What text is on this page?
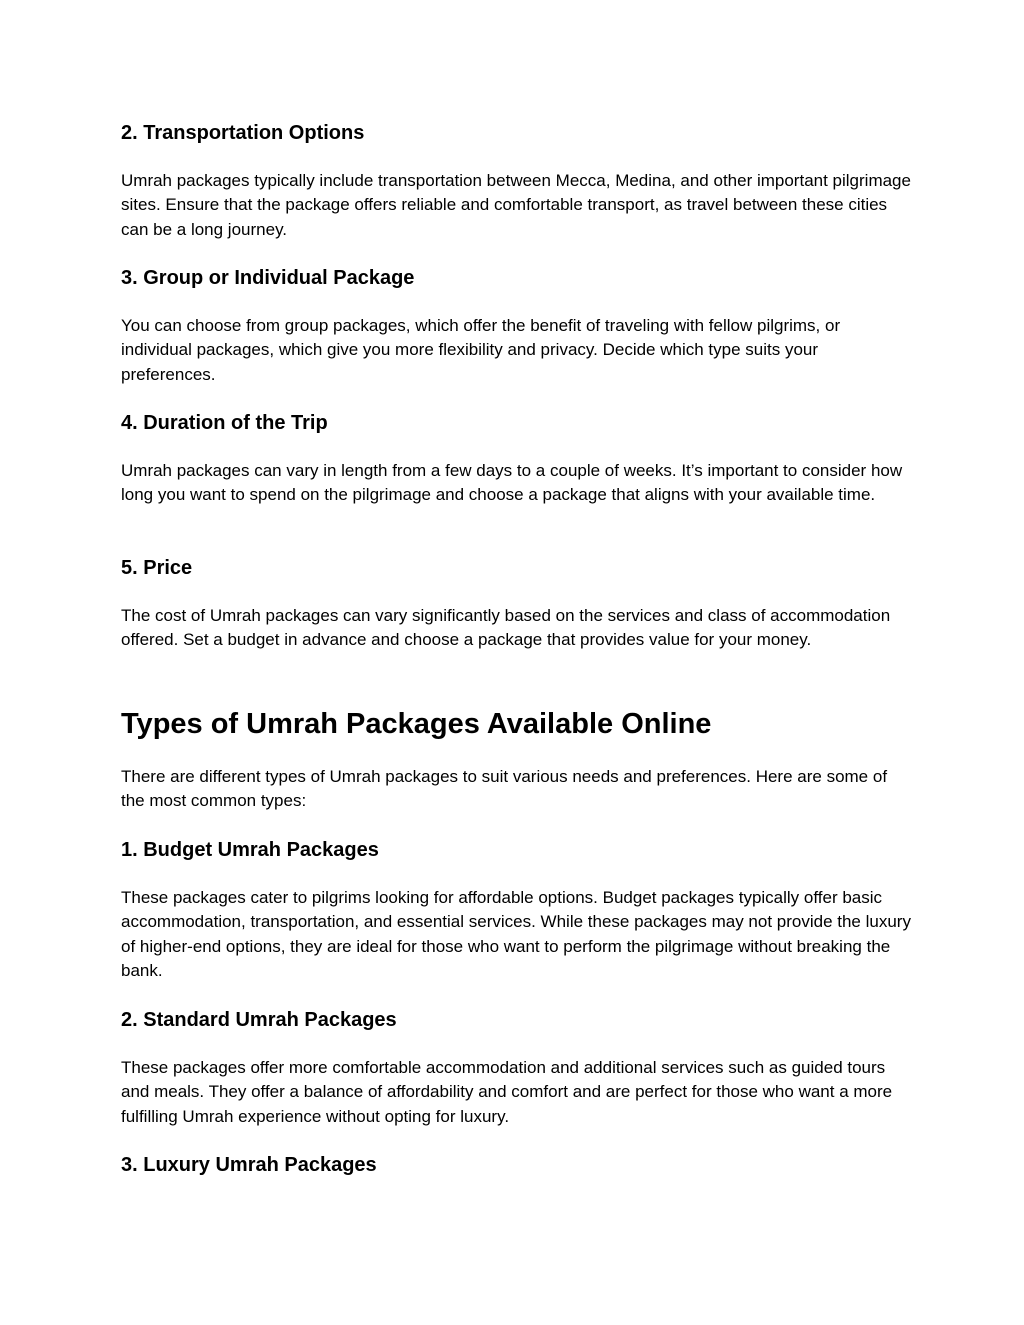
2. Transportation Options

Umrah packages typically include transportation between Mecca, Medina, and other important pilgrimage sites. Ensure that the package offers reliable and comfortable transport, as travel between these cities can be a long journey.

3. Group or Individual Package

You can choose from group packages, which offer the benefit of traveling with fellow pilgrims, or individual packages, which give you more flexibility and privacy. Decide which type suits your preferences.

4. Duration of the Trip

Umrah packages can vary in length from a few days to a couple of weeks. It’s important to consider how long you want to spend on the pilgrimage and choose a package that aligns with your available time.

5. Price

The cost of Umrah packages can vary significantly based on the services and class of accommodation offered. Set a budget in advance and choose a package that provides value for your money.

Types of Umrah Packages Available Online

There are different types of Umrah packages to suit various needs and preferences. Here are some of the most common types:

1. Budget Umrah Packages

These packages cater to pilgrims looking for affordable options. Budget packages typically offer basic accommodation, transportation, and essential services. While these packages may not provide the luxury of higher-end options, they are ideal for those who want to perform the pilgrimage without breaking the bank.

2. Standard Umrah Packages

These packages offer more comfortable accommodation and additional services such as guided tours and meals. They offer a balance of affordability and comfort and are perfect for those who want a more fulfilling Umrah experience without opting for luxury.

3. Luxury Umrah Packages
